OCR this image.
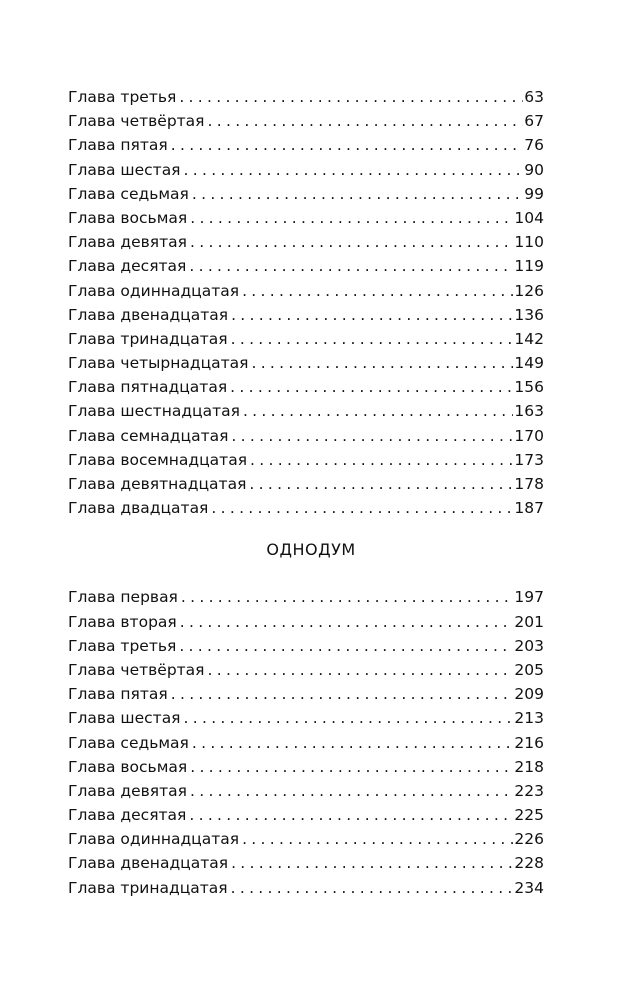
Глава третья .....	63
Глава четвёртая .....	67
Глава пятая .....	76
Глава шестая .....	90
Глава седьмая .....	99
Глава восьмая .....	104
Глава девятая .....	110
Глава десятая .....	119
Глава одиннадцатая .....	126
Глава двенадцатая .....	136
Глава тринадцатая .....	142
Глава четырнадцатая .....	149
Глава пятнадцатая .....	156
Глава шестнадцатая .....	163
Глава семнадцатая .....	170
Глава восемнадцатая .....	173
Глава девятнадцатая .....	178
Глава двадцатая .....	187
ОДНОДУМ
Глава первая .....	197
Глава вторая .....	201
Глава третья .....	203
Глава четвёртая .....	205
Глава пятая .....	209
Глава шестая .....	213
Глава седьмая .....	216
Глава восьмая .....	218
Глава девятая .....	223
Глава десятая .....	225
Глава одиннадцатая .....	226
Глава двенадцатая .....	228
Глава тринадцатая .....	234
